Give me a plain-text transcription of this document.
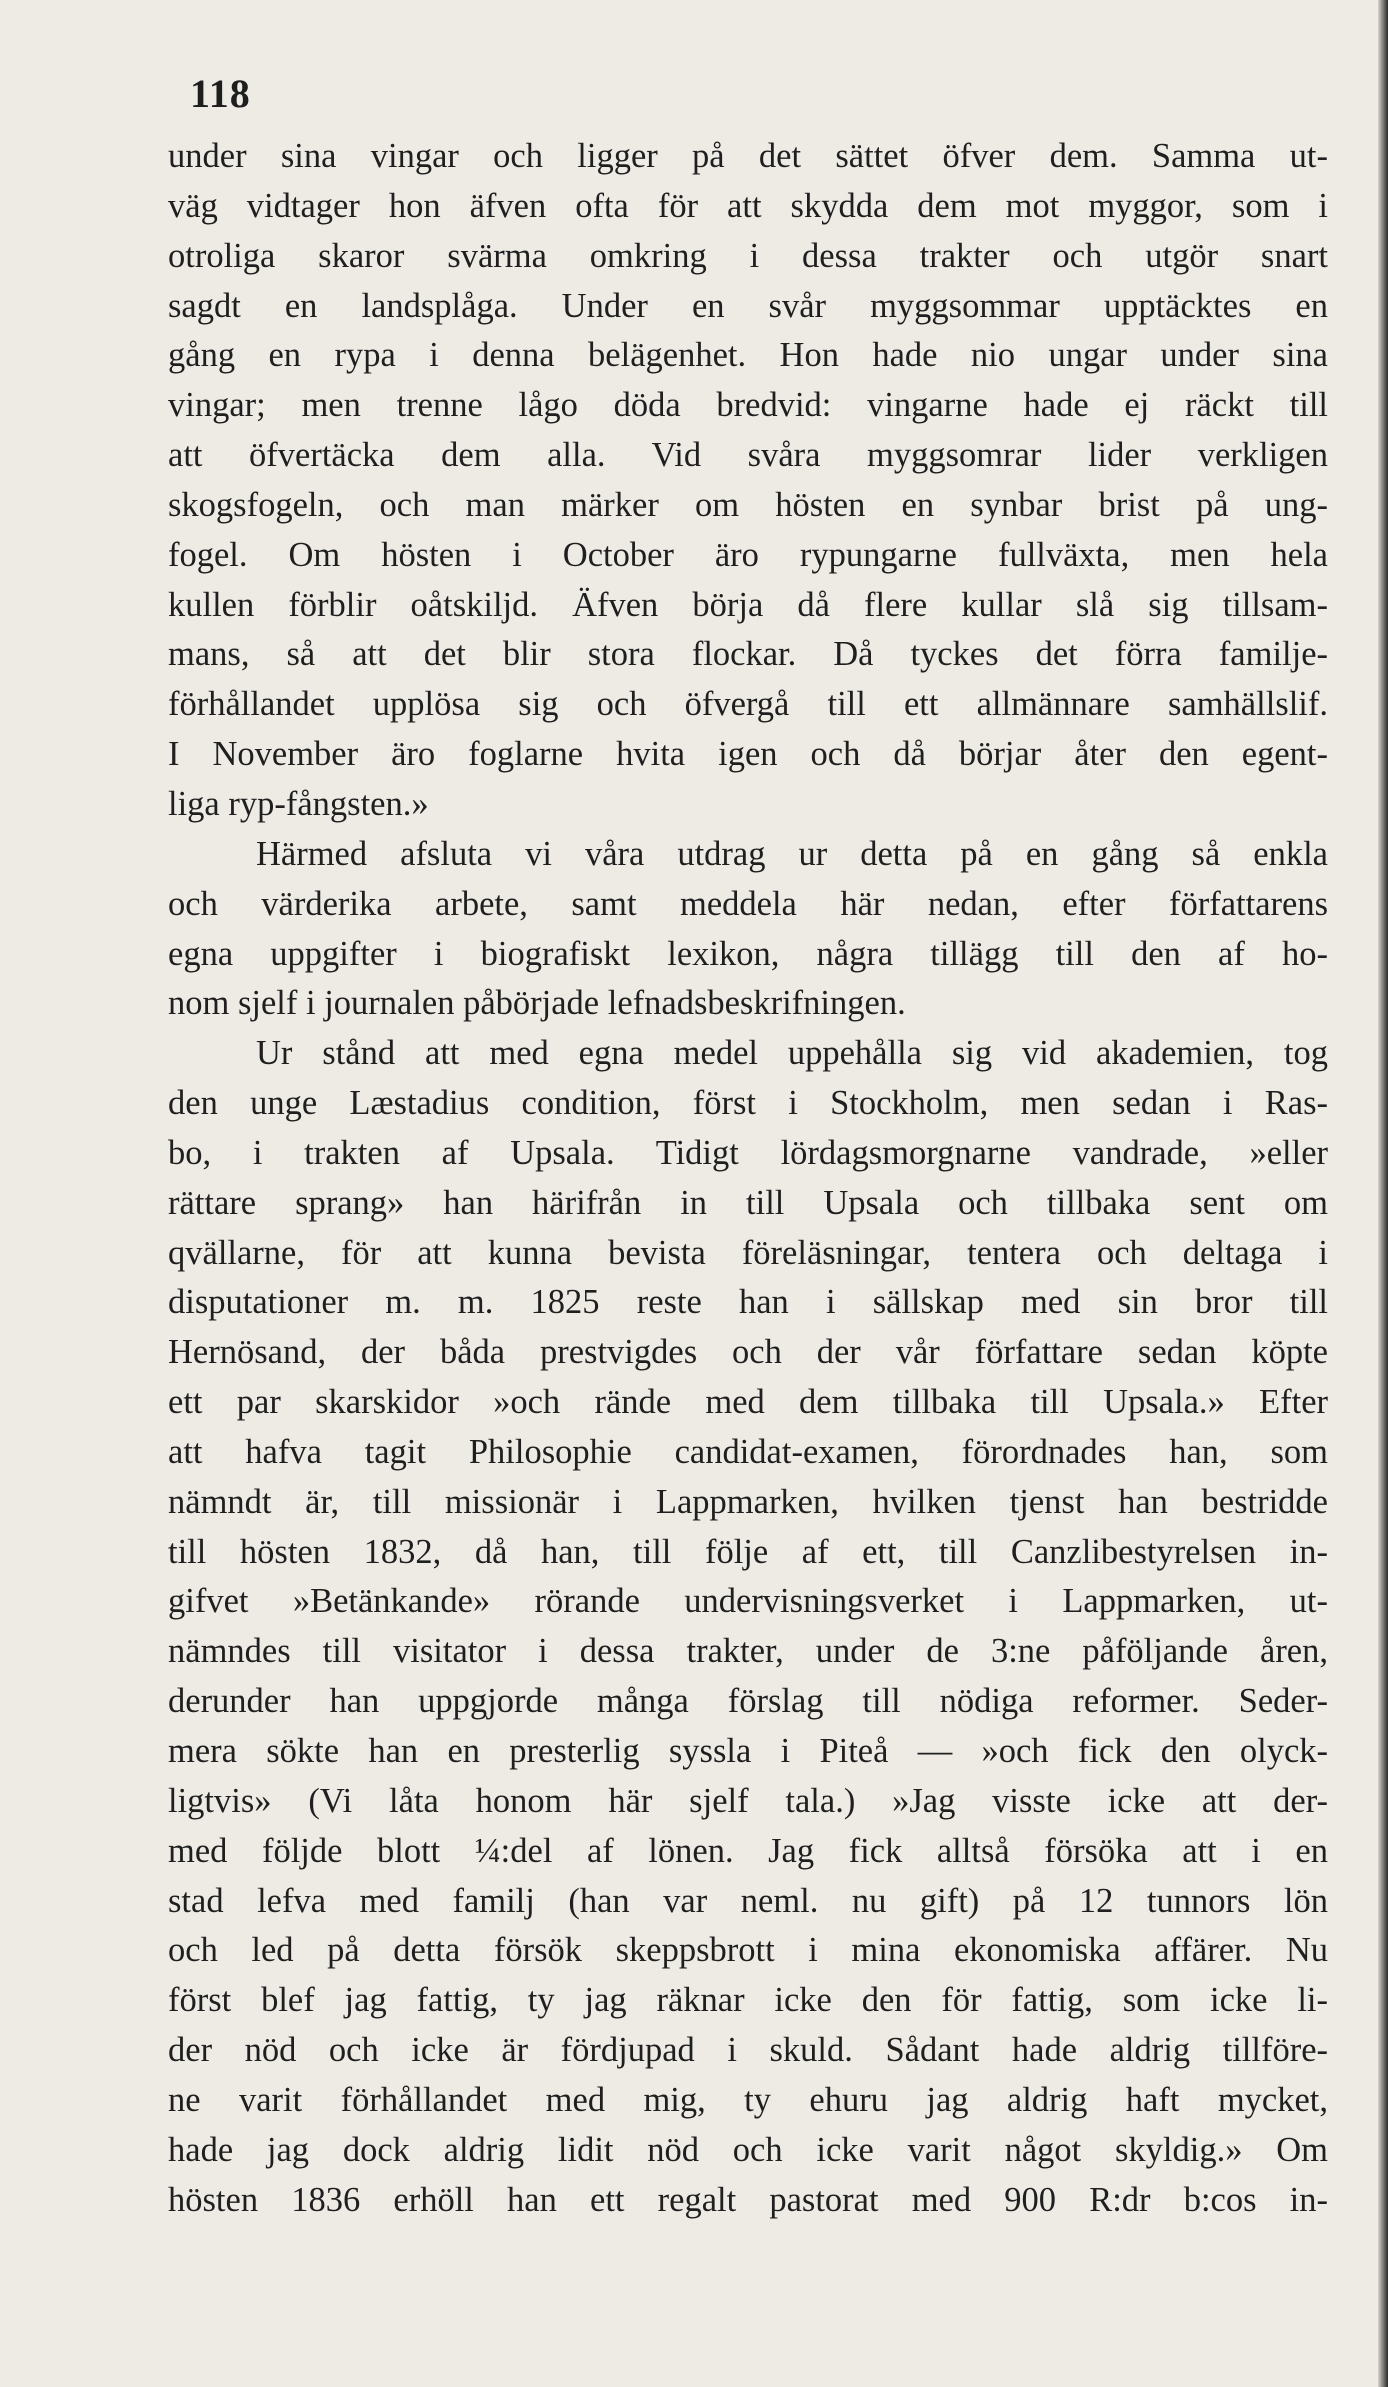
118
under sina vingar och ligger på det sättet öfver dem. Samma ut-
väg vidtager hon äfven ofta för att skydda dem mot myggor, som i
otroliga skaror svärma omkring i dessa trakter och utgör snart
sagdt en landsplåga. Under en svår myggsommar upptäcktes en
gång en rypa i denna belägenhet. Hon hade nio ungar under sina
vingar; men trenne lågo döda bredvid: vingarne hade ej räckt till
att öfvertäcka dem alla. Vid svåra myggsomrar lider verkligen
skogsfogeln, och man märker om hösten en synbar brist på ung-
fogel. Om hösten i October äro rypungarne fullväxta, men hela
kullen förblir oåtskiljd. Äfven börja då flere kullar slå sig tillsam-
mans, så att det blir stora flockar. Då tyckes det förra familje-
förhållandet upplösa sig och öfvergå till ett allmännare samhällslif.
I November äro foglarne hvita igen och då börjar åter den egent-
liga ryp-fångsten.»
Härmed afsluta vi våra utdrag ur detta på en gång så enkla
och värderika arbete, samt meddela här nedan, efter författarens
egna uppgifter i biografiskt lexikon, några tillägg till den af ho-
nom sjelf i journalen påbörjade lefnadsbeskrifningen.
Ur stånd att med egna medel uppehålla sig vid akademien, tog
den unge Læstadius condition, först i Stockholm, men sedan i Ras-
bo, i trakten af Upsala. Tidigt lördagsmorgnarne vandrade, »eller
rättare sprang» han härifrån in till Upsala och tillbaka sent om
qvällarne, för att kunna bevista föreläsningar, tentera och deltaga i
disputationer m. m. 1825 reste han i sällskap med sin bror till
Hernösand, der båda prestvigdes och der vår författare sedan köpte
ett par skarskidor »och rände med dem tillbaka till Upsala.» Efter
att hafva tagit Philosophie candidat-examen, förordnades han, som
nämndt är, till missionär i Lappmarken, hvilken tjenst han bestridde
till hösten 1832, då han, till följe af ett, till Canzlibestyrelsen in-
gifvet »Betänkande» rörande undervisningsverket i Lappmarken, ut-
nämndes till visitator i dessa trakter, under de 3:ne påföljande åren,
derunder han uppgjorde många förslag till nödiga reformer. Seder-
mera sökte han en presterlig syssla i Piteå — »och fick den olyck-
ligtvis» (Vi låta honom här sjelf tala.) »Jag visste icke att der-
med följde blott ¼:del af lönen. Jag fick alltså försöka att i en
stad lefva med familj (han var neml. nu gift) på 12 tunnors lön
och led på detta försök skeppsbrott i mina ekonomiska affärer. Nu
först blef jag fattig, ty jag räknar icke den för fattig, som icke li-
der nöd och icke är fördjupad i skuld. Sådant hade aldrig tillföre-
ne varit förhållandet med mig, ty ehuru jag aldrig haft mycket,
hade jag dock aldrig lidit nöd och icke varit något skyldig.» Om
hösten 1836 erhöll han ett regalt pastorat med 900 R:dr b:cos in-
